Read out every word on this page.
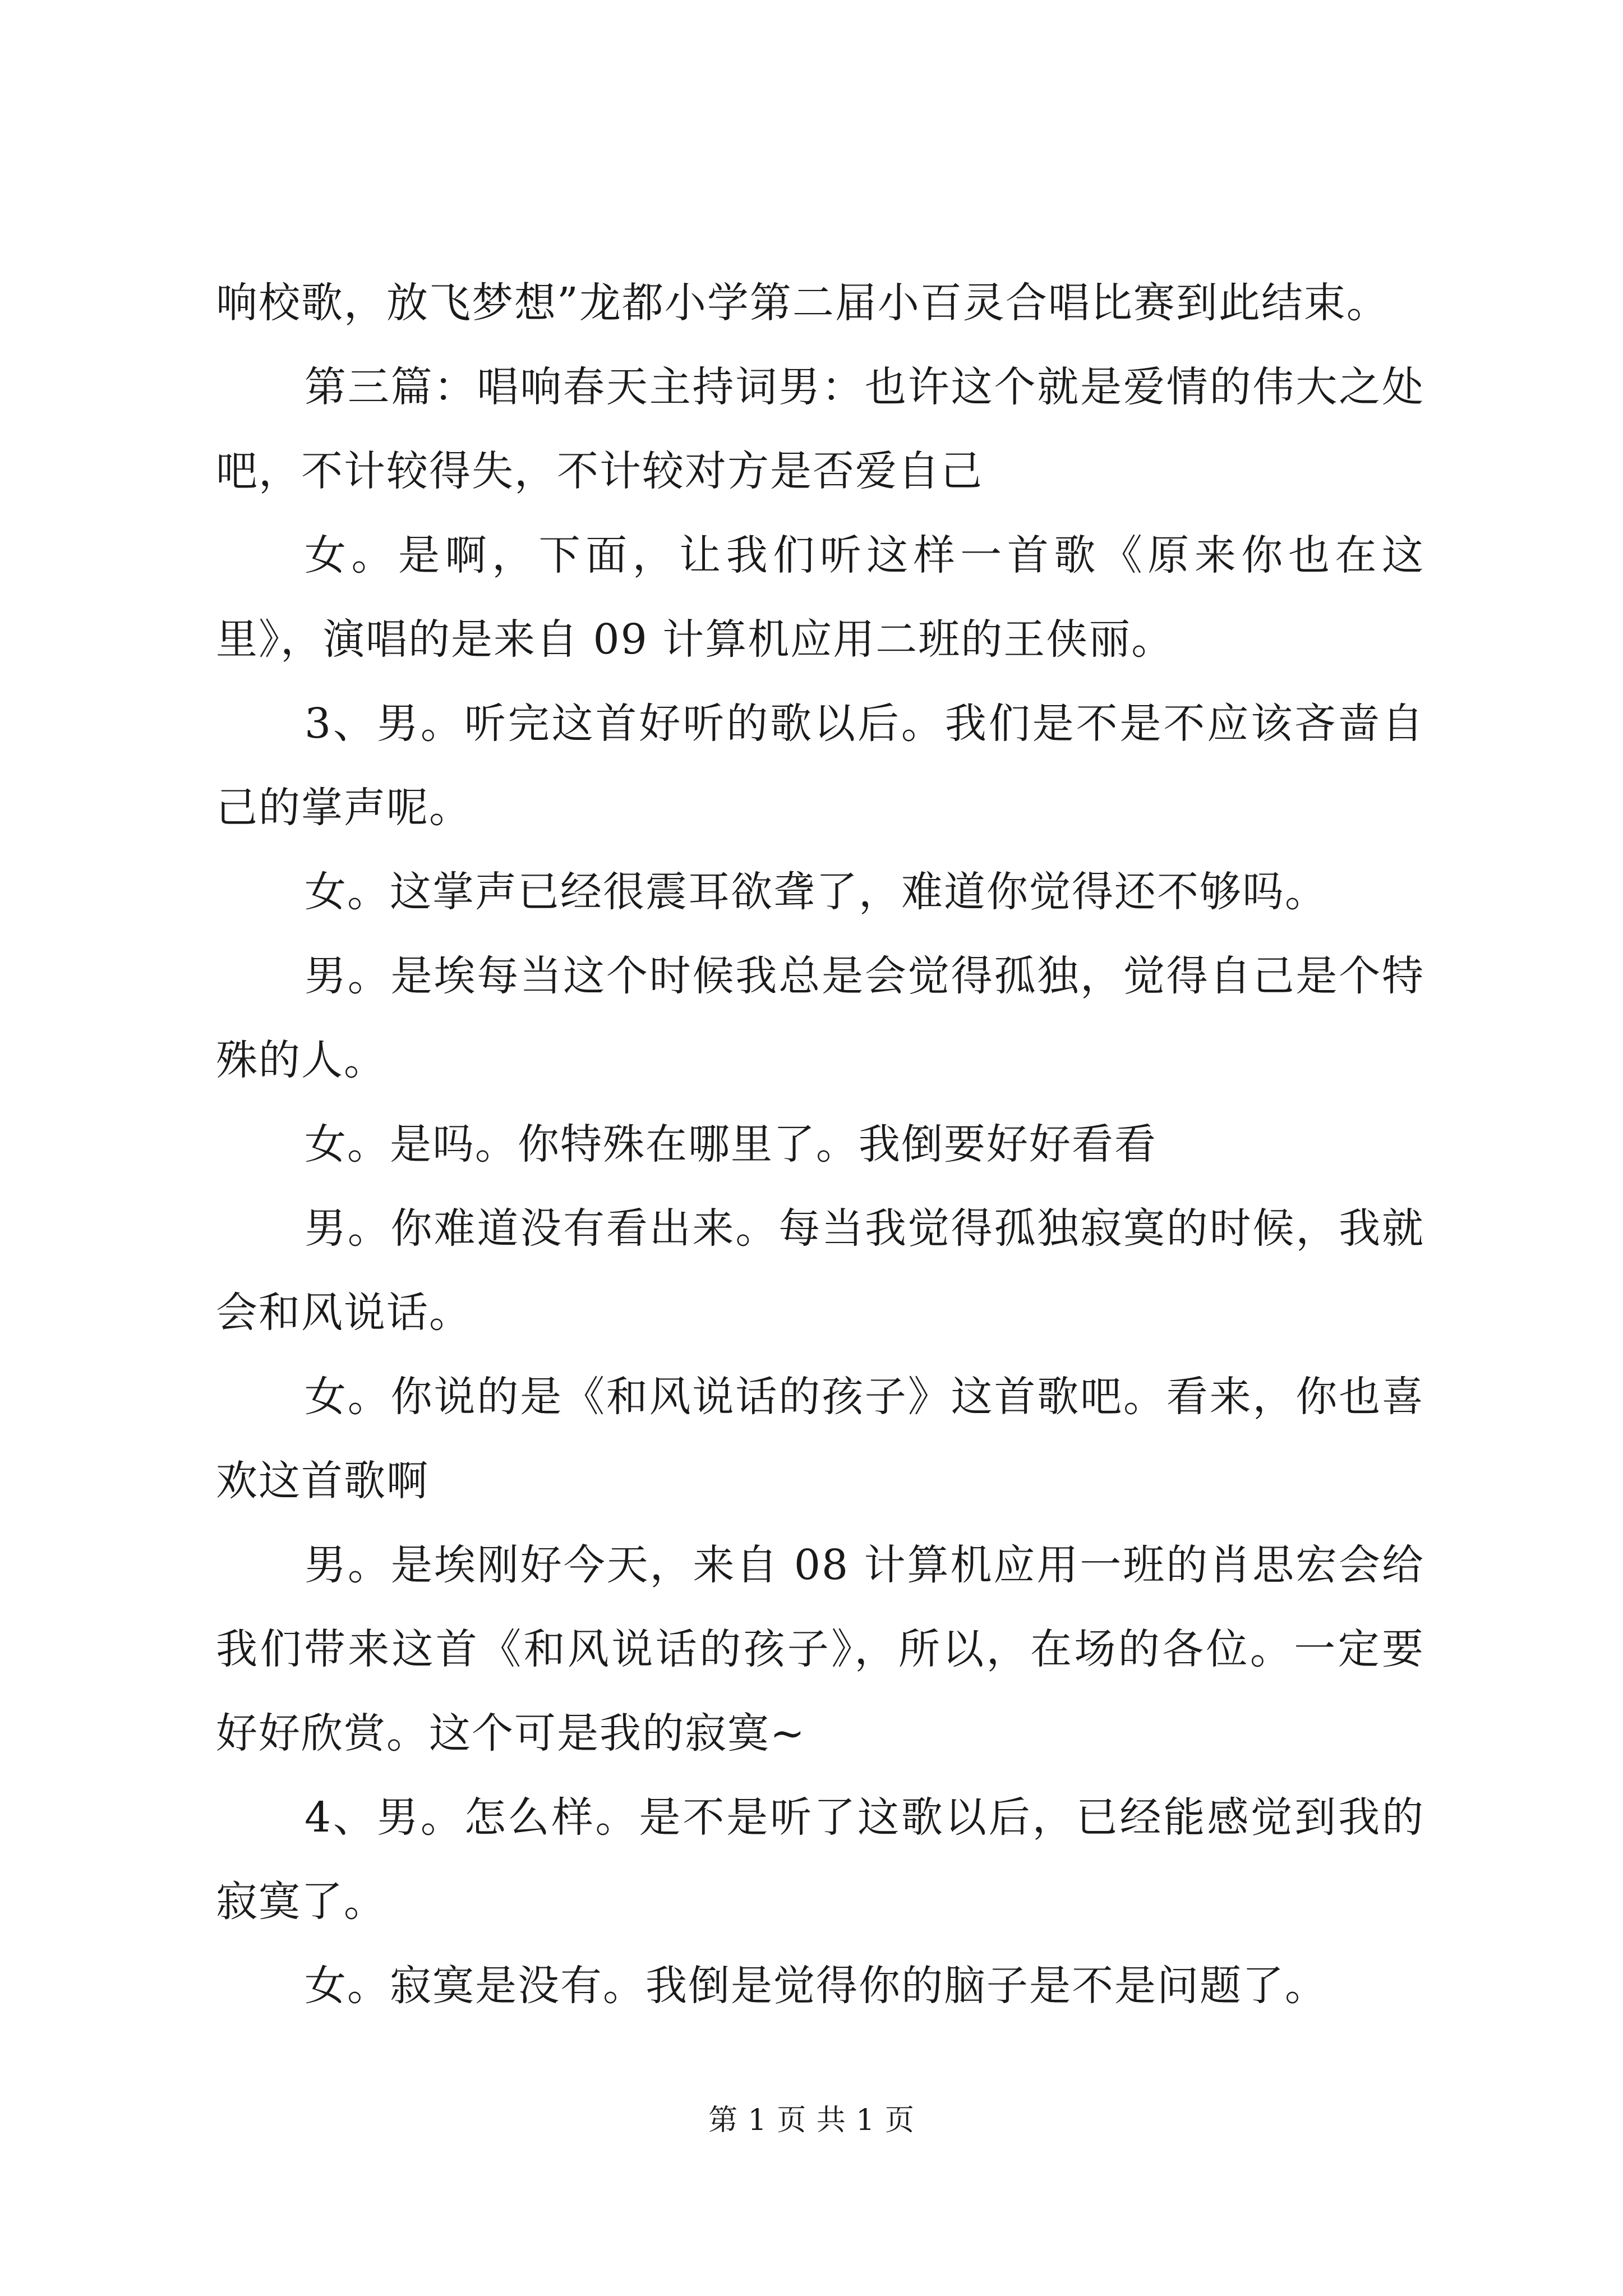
响校歌，放飞梦想”龙都小学第二届小百灵合唱比赛到此结束。

第三篇：唱响春天主持词男：也许这个就是爱情的伟大之处吧，不计较得失，不计较对方是否爱自己

女。是啊，下面，让我们听这样一首歌《原来你也在这里》，演唱的是来自 09 计算机应用二班的王侠丽。

3、男。听完这首好听的歌以后。我们是不是不应该吝啬自己的掌声呢。

女。这掌声已经很震耳欲聋了，难道你觉得还不够吗。

男。是埃每当这个时候我总是会觉得孤独，觉得自己是个特殊的人。

女。是吗。你特殊在哪里了。我倒要好好看看

男。你难道没有看出来。每当我觉得孤独寂寞的时候，我就会和风说话。

女。你说的是《和风说话的孩子》这首歌吧。看来，你也喜欢这首歌啊

男。是埃刚好今天，来自 08 计算机应用一班的肖思宏会给我们带来这首《和风说话的孩子》，所以，在场的各位。一定要好好欣赏。这个可是我的寂寞~

4、男。怎么样。是不是听了这歌以后，已经能感觉到我的寂寞了。

女。寂寞是没有。我倒是觉得你的脑子是不是问题了。

第 1 页 共 1 页
